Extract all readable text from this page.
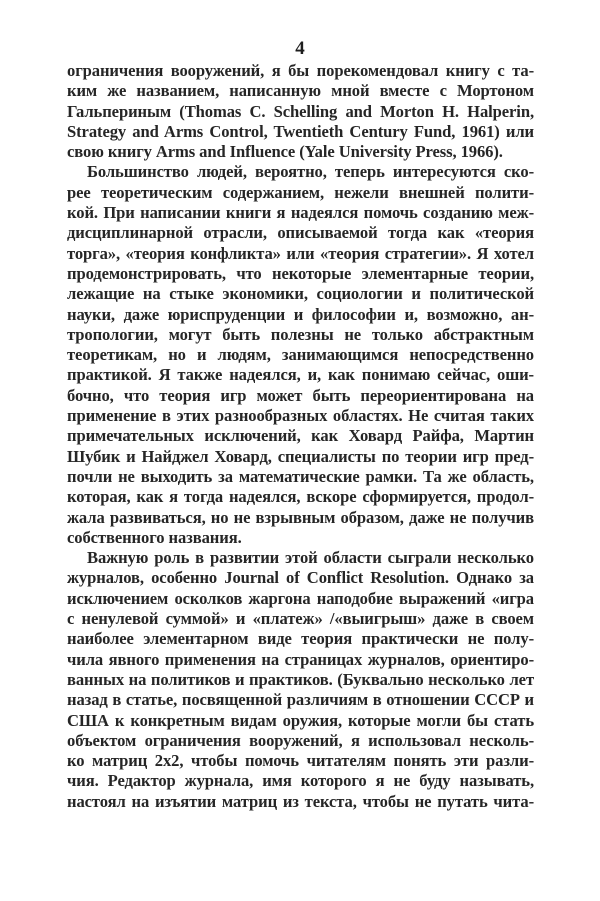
4
ограничения вооружений, я бы порекомендовал книгу с та-
ким же названием, написанную мной вместе с Мортоном
Гальпериным (Thomas C. Schelling and Morton H. Halperin,
Strategy and Arms Control, Twentieth Century Fund, 1961) или
свою книгу Arms and Influence (Yale University Press, 1966).
Большинство людей, вероятно, теперь интересуются ско-
рее теоретическим содержанием, нежели внешней полити-
кой. При написании книги я надеялся помочь созданию меж-
дисциплинарной отрасли, описываемой тогда как «теория
торга», «теория конфликта» или «теория стратегии». Я хотел
продемонстрировать, что некоторые элементарные теории,
лежащие на стыке экономики, социологии и политической
науки, даже юриспруденции и философии и, возможно, ан-
тропологии, могут быть полезны не только абстрактным
теоретикам, но и людям, занимающимся непосредственно
практикой. Я также надеялся, и, как понимаю сейчас, оши-
бочно, что теория игр может быть переориентирована на
применение в этих разнообразных областях. Не считая таких
примечательных исключений, как Ховард Райфа, Мартин
Шубик и Найджел Ховард, специалисты по теории игр пред-
почли не выходить за математические рамки. Та же область,
которая, как я тогда надеялся, вскоре сформируется, продол-
жала развиваться, но не взрывным образом, даже не получив
собственного названия.
Важную роль в развитии этой области сыграли несколько
журналов, особенно Journal of Conflict Resolution. Однако за
исключением осколков жаргона наподобие выражений «игра
с ненулевой суммой» и «платеж» /«выигрыш» даже в своем
наиболее элементарном виде теория практически не полу-
чила явного применения на страницах журналов, ориентиро-
ванных на политиков и практиков. (Буквально несколько лет
назад в статье, посвященной различиям в отношении СССР и
США к конкретным видам оружия, которые могли бы стать
объектом ограничения вооружений, я использовал несколь-
ко матриц 2x2, чтобы помочь читателям понять эти разли-
чия. Редактор журнала, имя которого я не буду называть,
настоял на изъятии матриц из текста, чтобы не путать чита-
